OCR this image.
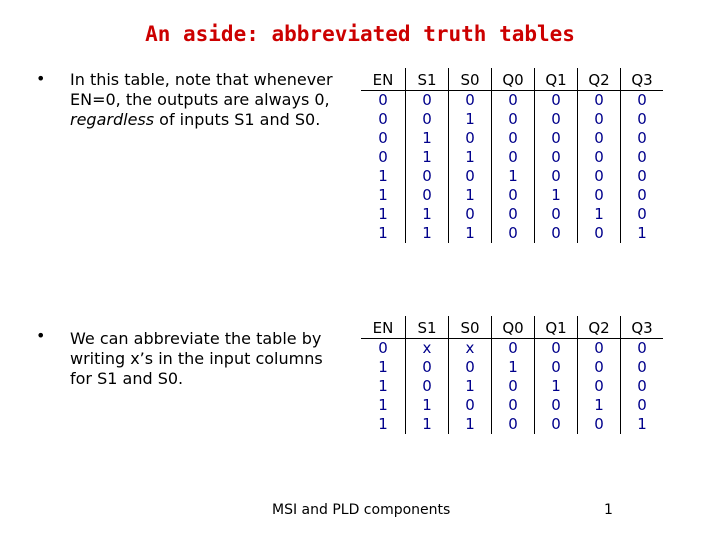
An aside: abbreviated truth tables
• In this table, note that whenever
EN=0, the outputs are always 0,
regardless of inputs S1 and S0.
EN	S1	S0	Q0	Q1	Q2	Q3
0	0	0	0	0	0	0
0	0	1	0	0	0	0
0	1	0	0	0	0	0
0	1	1	0	0	0	0
1	0	0	1	0	0	0
1	0	1	0	1	0	0
1	1	0	0	0	1	0
1	1	1	0	0	0	1
• We can abbreviate the table by
writing x’s in the input columns
for S1 and S0.
EN	S1	S0	Q0	Q1	Q2	Q3
0	x	x	0	0	0	0
1	0	0	1	0	0	0
1	0	1	0	1	0	0
1	1	0	0	0	1	0
1	1	1	0	0	0	1
MSI and PLD components	1
